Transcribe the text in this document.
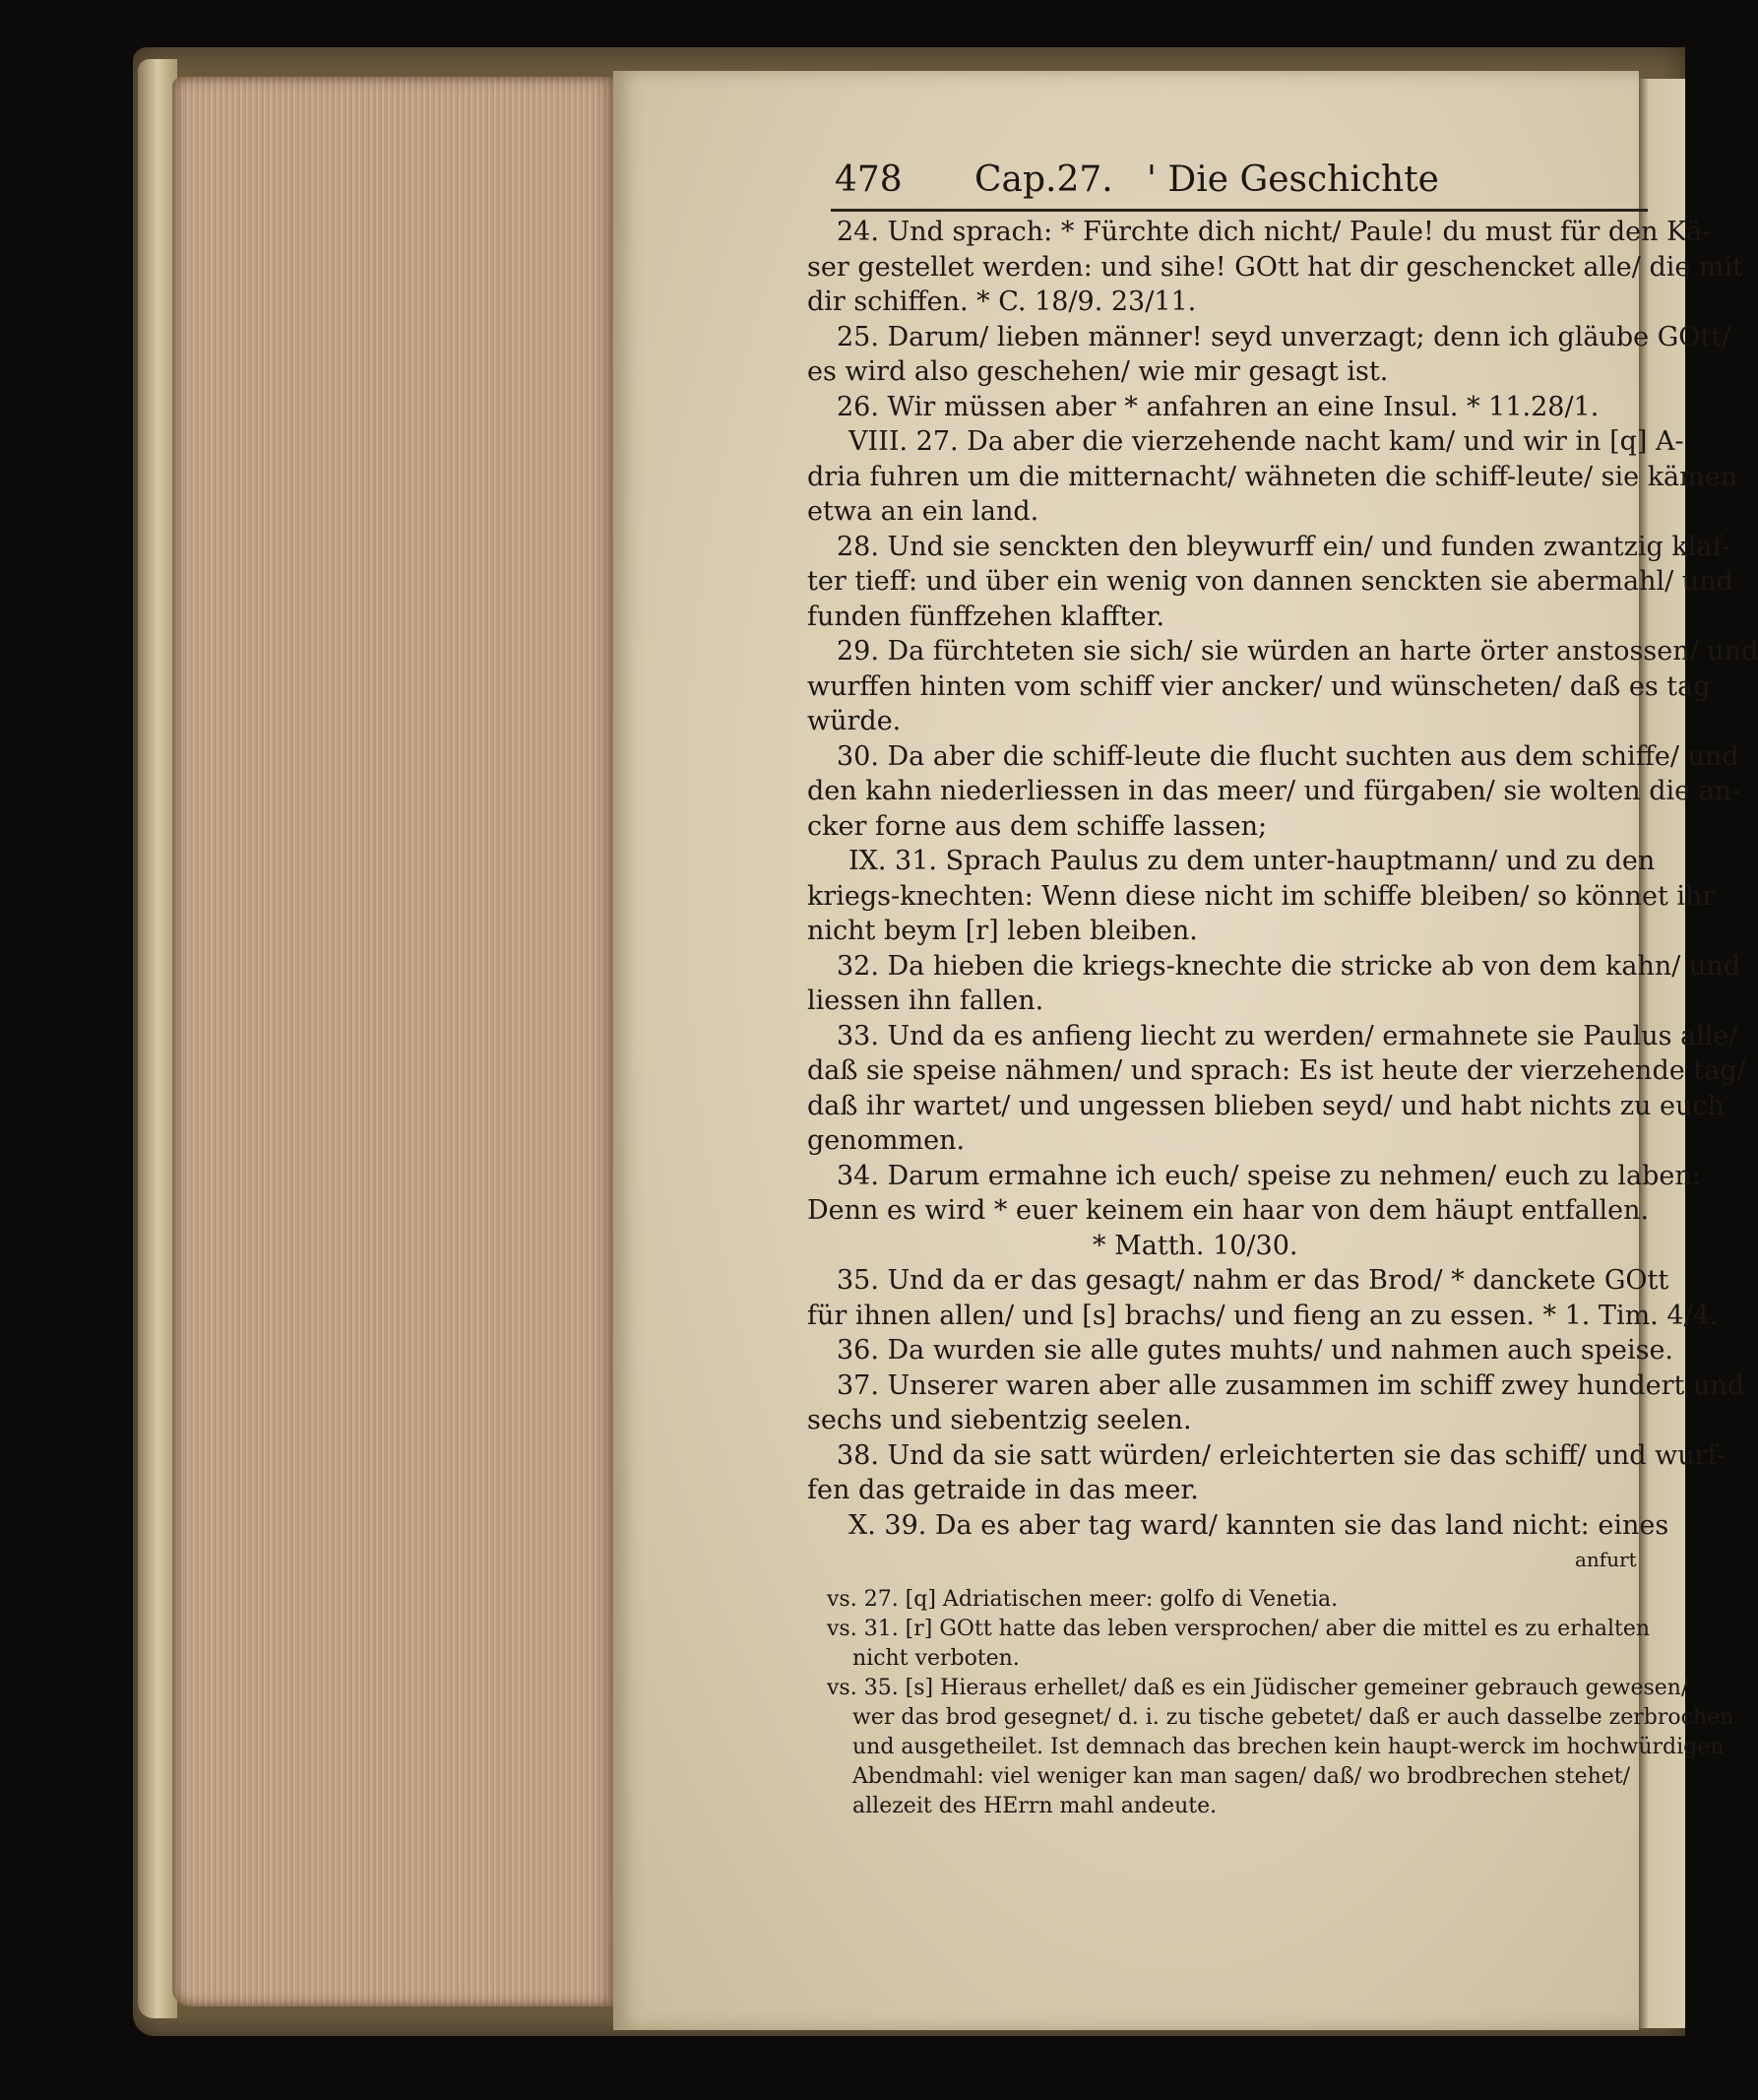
478 Cap.27. ' Die Geschichte
24. Und sprach: * Fürchte dich nicht/ Paule! du must für den Kä-
ser gestellet werden: und sihe! GOtt hat dir geschencket alle/ die mit
dir schiffen. * C. 18/9. 23/11.
25. Darum/ lieben männer! seyd unverzagt; denn ich gläube GOtt/
es wird also geschehen/ wie mir gesagt ist.
26. Wir müssen aber * anfahren an eine Insul. * 11.28/1.
VIII. 27. Da aber die vierzehende nacht kam/ und wir in [q] A-
dria fuhren um die mitternacht/ wähneten die schiff-leute/ sie kämen
etwa an ein land.
28. Und sie senckten den bleywurff ein/ und funden zwantzig klaf-
ter tieff: und über ein wenig von dannen senckten sie abermahl/ und
funden fünffzehen klaffter.
29. Da fürchteten sie sich/ sie würden an harte örter anstossen/ und
wurffen hinten vom schiff vier ancker/ und wünscheten/ daß es tag
würde.
30. Da aber die schiff-leute die flucht suchten aus dem schiffe/ und
den kahn niederliessen in das meer/ und fürgaben/ sie wolten die an-
cker forne aus dem schiffe lassen;
IX. 31. Sprach Paulus zu dem unter-hauptmann/ und zu den
kriegs-knechten: Wenn diese nicht im schiffe bleiben/ so könnet ihr
nicht beym [r] leben bleiben.
32. Da hieben die kriegs-knechte die stricke ab von dem kahn/ und
liessen ihn fallen.
33. Und da es anfieng liecht zu werden/ ermahnete sie Paulus alle/
daß sie speise nähmen/ und sprach: Es ist heute der vierzehende tag/
daß ihr wartet/ und ungessen blieben seyd/ und habt nichts zu euch
genommen.
34. Darum ermahne ich euch/ speise zu nehmen/ euch zu laben:
Denn es wird * euer keinem ein haar von dem häupt entfallen.
* Matth. 10/30.
35. Und da er das gesagt/ nahm er das Brod/ * danckete GOtt
für ihnen allen/ und [s] brachs/ und fieng an zu essen. * 1. Tim. 4/4.
36. Da wurden sie alle gutes muhts/ und nahmen auch speise.
37. Unserer waren aber alle zusammen im schiff zwey hundert und
sechs und siebentzig seelen.
38. Und da sie satt würden/ erleichterten sie das schiff/ und wurf-
fen das getraide in das meer.
X. 39. Da es aber tag ward/ kannten sie das land nicht: eines
anfurt
vs. 27. [q] Adriatischen meer: golfo di Venetia.
vs. 31. [r] GOtt hatte das leben versprochen/ aber die mittel es zu erhalten
nicht verboten.
vs. 35. [s] Hieraus erhellet/ daß es ein Jüdischer gemeiner gebrauch gewesen/
wer das brod gesegnet/ d. i. zu tische gebetet/ daß er auch dasselbe zerbrochen
und ausgetheilet. Ist demnach das brechen kein haupt-werck im hochwürdigen
Abendmahl: viel weniger kan man sagen/ daß/ wo brodbrechen stehet/
allezeit des HErrn mahl andeute.
